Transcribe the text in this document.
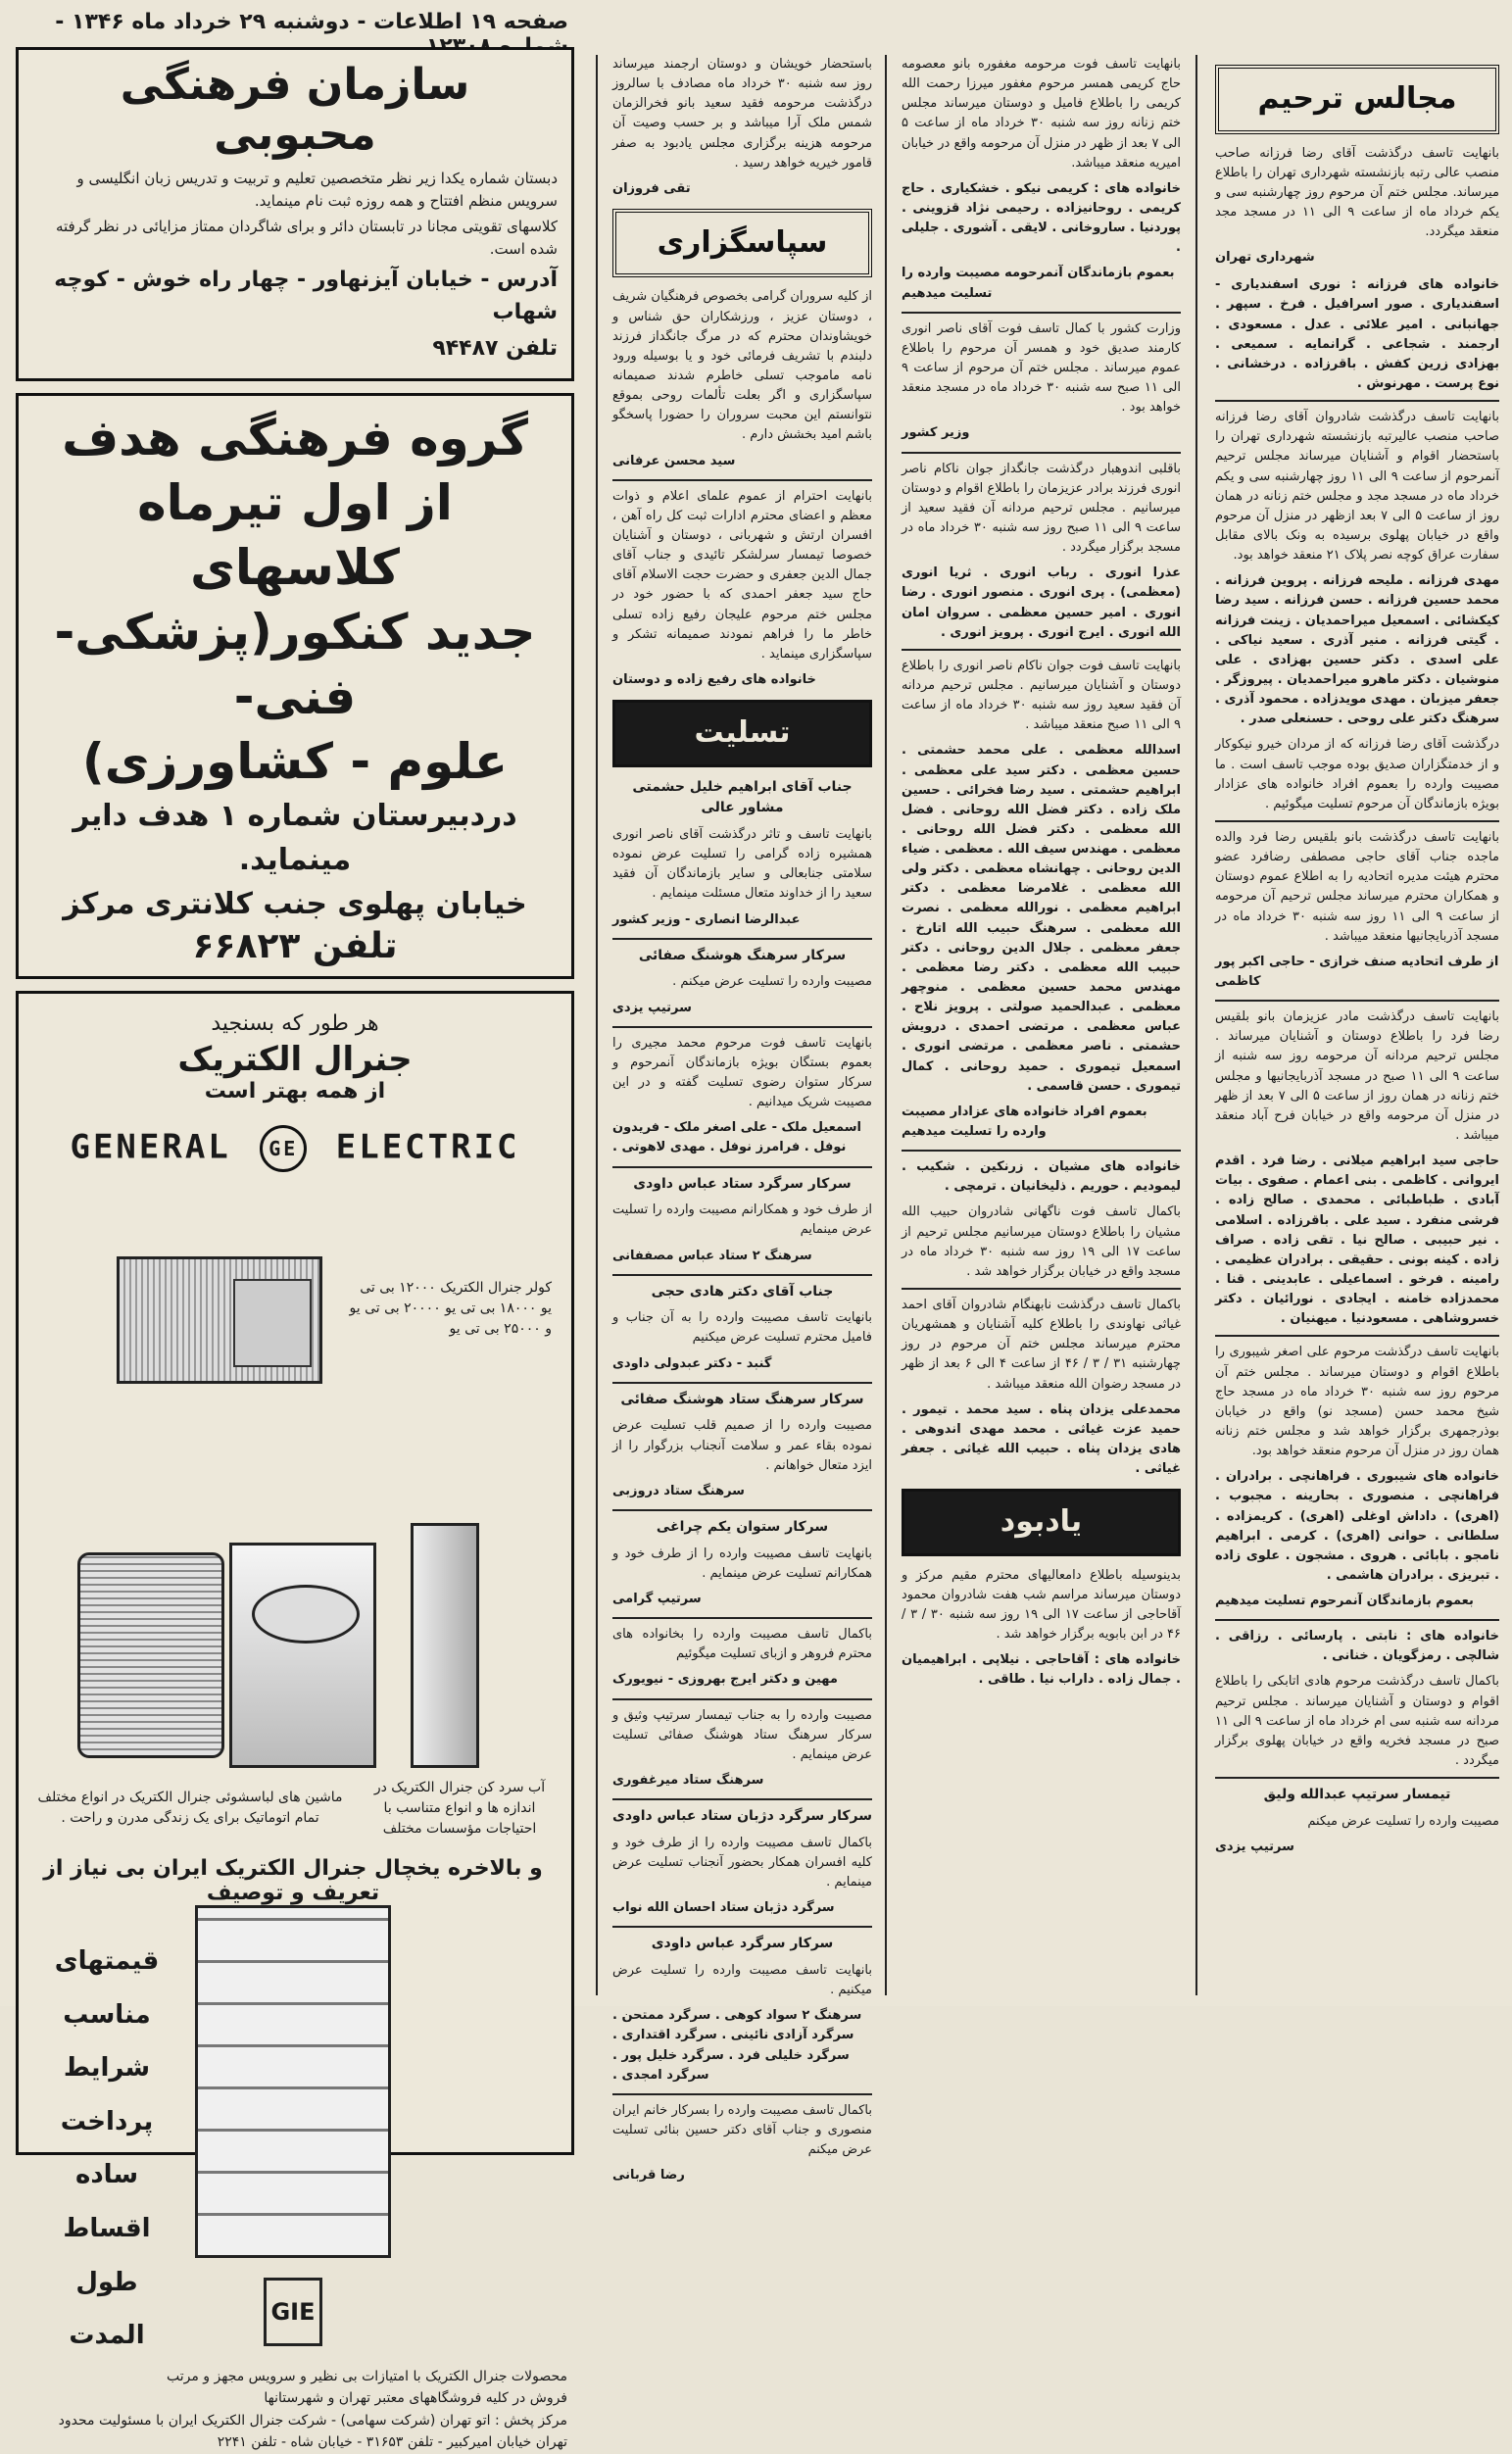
صفحه ۱۹ اطلاعات - دوشنبه ۲۹ خرداد ماه ۱۳۴۶ -
سازمان فرهنگی محبوبی

دبستان شماره یکدا زیر نظر متخصصین تعلیم و تربیت و تدریس زبان انگلیسی و سرویس منظم افتتاح و همه روزه ثبت نام مینماید.

کلاسهای تقویتی مجانا در تابستان دائر و برای شاگردان ممتاز مزایائی در نظر گرفته شده است.

آدرس - خیابان آیزنهاور - چهار راه خوش - کوچه شهاب

تلفن ۹۴۴۸۷

گروه فرهنگی هدف
از اول تیرماه کلاسهای
جدید کنکور(پزشکی-فنی-
علوم - کشاورزی)
دردبیرستان شماره ۱ هدف دایر مینماید.
خیابان پهلوی جنب کلانتری مرکز
تلفن ۶۶۸۲۳
هر طور که بسنجید
جنرال الکتریک
از همه بهتر است
GENERAL GE ELECTRIC
کولر جنرال الکتریک ۱۲۰۰۰ بی تی یو ۱۸۰۰۰ بی تی یو ۲۰۰۰۰ بی تی یو و ۲۵۰۰۰ بی تی یو
ماشین های لباسشوئی جنرال الکتریک در انواع مختلف تمام اتوماتیک برای یک زندگی مدرن و راحت .
آب سرد کن جنرال الکتریک در اندازه ها و انواع متناسب با احتیاجات مؤسسات مختلف
و بالاخره یخچال جنرال الکتریک ایران بی نیاز از تعریف و توصیف
قیمتهای مناسب
شرایط پرداخت
ساده
اقساط طول المدت
GIE
محصولات جنرال الکتریک با امتیازات بی نظیر و سرویس مجهز و مرتب
فروش در کلیه فروشگاههای معتبر تهران و شهرستانها
مرکز پخش : اتو تهران (شرکت سهامی) - شرکت جنرال الکتریک ایران با مسئولیت محدود
تهران خیابان امیرکبیر - تلفن ۳۱۶۵۳ - خیابان شاه - تلفن ۲۲۴۱
مجالس ترحیم

بانهایت تاسف درگذشت آقای رضا فرزانه صاحب منصب عالی رتبه بازنشسته شهرداری تهران را باطلاع میرساند. مجلس ختم آن مرحوم روز چهارشنبه سی و یکم خرداد ماه از ساعت ۹ الی ۱۱ در مسجد مجد منعقد میگردد.

شهرداری تهران

خانواده های فرزانه : نوری اسفندیاری - اسفندیاری . صور اسرافیل . فرخ . سپهر . جهانبانی . امیر علائی . عدل . مسعودی . ارجمند . شجاعی . گرانمایه . سمیعی . بهزادی زرین کفش . باقرزاده . درخشانی . نوع پرست . مهرنوش .

بانهایت تاسف درگذشت شادروان آقای رضا فرزانه صاحب منصب عالیرتبه بازنشسته شهرداری تهران را باستحضار اقوام و آشنایان میرساند مجلس ترحیم آنمرحوم از ساعت ۹ الی ۱۱ روز چهارشنبه سی و یکم خرداد ماه در مسجد مجد و مجلس ختم زنانه در همان روز از ساعت ۵ الی ۷ بعد ازظهر در منزل آن مرحوم واقع در خیابان پهلوی برسیده به ونک بالای مقابل سفارت عراق کوچه نصر پلاک ۲۱ منعقد خواهد بود.

مهدی فرزانه . ملیحه فرزانه . پروین فرزانه . محمد حسین فرزانه . حسن فرزانه . سید رضا کیکشائی . اسمعیل میراحمدیان . زینت فرزانه . گیتی فرزانه . منیر آذری . سعید نیاکی . علی اسدی . دکتر حسین بهزادی . علی منوشیان . دکتر ماهرو میراحمدیان . پیروزگر . جعفر میزبان . مهدی مویدزاده . محمود آذری . سرهنگ دکتر علی روحی . حسنعلی صدر .

درگذشت آقای رضا فرزانه که از مردان خیرو نیکوکار و از خدمتگزاران صدیق بوده موجب تاسف است . ما مصیبت وارده را بعموم افراد خانواده های عزادار بویژه بازماندگان آن مرحوم تسلیت میگوئیم .

بانهایت تاسف درگذشت بانو بلقیس رضا فرد والده ماجده جناب آقای حاجی مصطفی رضافرد عضو محترم هیئت مدیره اتحادیه را به اطلاع عموم دوستان و همکاران محترم میرساند مجلس ترحیم آن مرحومه از ساعت ۹ الی ۱۱ روز سه شنبه ۳۰ خرداد ماه در مسجد آذربایجانیها منعقد میباشد .

از طرف اتحادیه صنف خرازی - حاجی اکبر پور کاظمی

بانهایت تاسف درگذشت مادر عزیزمان بانو بلقیس رضا فرد را باطلاع دوستان و آشنایان میرساند . مجلس ترحیم مردانه آن مرحومه روز سه شنبه از ساعت ۹ الی ۱۱ صبح در مسجد آذربایجانیها و مجلس ختم زنانه در همان روز از ساعت ۵ الی ۷ بعد از ظهر در منزل آن مرحومه واقع در خیابان فرح آباد منعقد میباشد .

حاجی سید ابراهیم میلانی . رضا فرد . اقدم ایروانی . کاظمی . بنی اعمام . صفوی . بیات آبادی . طباطبائی . محمدی . صالح زاده . فرشی منفرد . سید علی . باقرزاده . اسلامی . نیر حبیبی . صالح نیا . تقی زاده . صراف زاده . کینه بونی . حقیقی . برادران عظیمی . رامینه . فرخو . اسماعیلی . عابدینی . قنا . محمدزاده خامنه . ایجادی . نورائیان . دکتر خسروشاهی . مسعودنیا . میهنیان .

بانهایت تاسف درگذشت مرحوم علی اصغر شیبوری را باطلاع اقوام و دوستان میرساند . مجلس ختم آن مرحوم روز سه شنبه ۳۰ خرداد ماه در مسجد حاج شیخ محمد حسن (مسجد نو) واقع در خیابان بوذرجمهری برگزار خواهد شد و مجلس ختم زنانه همان روز در منزل آن مرحوم منعقد خواهد بود.

خانواده های شیبوری . فراهانچی . برادران . فراهانچی . منصوری . بحارینه . مجبوب . (اهری) . داداش اوغلی (اهری) . کریمزاده . سلطانی . حوانی (اهری) . کرمی . ابراهیم نامجو . بابائی . هروی . مشجون . علوی زاده . تبریزی . برادران هاشمی .

بعموم بازماندگان آنمرحوم تسلیت میدهیم

خانواده های : نابتی . پارسائی . رزاقی . شالچی . رمزگویان . خنانی .

باکمال تاسف درگذشت مرحوم هادی اتابکی را باطلاع اقوام و دوستان و آشنایان میرساند . مجلس ترحیم مردانه سه شنبه سی ام خرداد ماه از ساعت ۹ الی ۱۱ صبح در مسجد فخریه واقع در خیابان پهلوی برگزار میگردد .

تیمسار سرتیپ عبدالله ولیق

مصیبت وارده را تسلیت عرض میکنم

سرتیپ یزدی

بانهایت تاسف فوت مرحومه مغفوره بانو معصومه حاج کریمی همسر مرحوم مغفور میرزا رحمت الله کریمی را باطلاع فامیل و دوستان میرساند مجلس ختم زنانه روز سه شنبه ۳۰ خرداد ماه از ساعت ۵ الی ۷ بعد از ظهر در منزل آن مرحومه واقع در خیابان امیریه منعقد میباشد.

خانواده های : کریمی نیکو . خشکیاری . حاج کریمی . روحانیزاده . رحیمی نژاد قزوینی . پوردنیا . ساروخانی . لایقی . آشوری . جلیلی .

بعموم بازماندگان آنمرحومه مصیبت وارده را تسلیت میدهیم

وزارت کشور با کمال تاسف فوت آقای ناصر انوری کارمند صدیق خود و همسر آن مرحوم را باطلاع عموم میرساند . مجلس ختم آن مرحوم از ساعت ۹ الی ۱۱ صبح سه شنبه ۳۰ خرداد ماه در مسجد منعقد خواهد بود .

وزیر کشور

باقلبی اندوهبار درگذشت جانگداز جوان ناکام ناصر انوری فرزند برادر عزیزمان را باطلاع اقوام و دوستان میرسانیم . مجلس ترحیم مردانه آن فقید سعید از ساعت ۹ الی ۱۱ صبح روز سه شنبه ۳۰ خرداد ماه در مسجد برگزار میگردد .

عذرا انوری . رباب انوری . ثریا انوری (معظمی) . پری انوری . منصور انوری . رضا انوری . امیر حسین معظمی . سروان امان الله انوری . ایرج انوری . پرویز انوری .

بانهایت تاسف فوت جوان ناکام ناصر انوری را باطلاع دوستان و آشنایان میرسانیم . مجلس ترحیم مردانه آن فقید سعید روز سه شنبه ۳۰ خرداد ماه از ساعت ۹ الی ۱۱ صبح منعقد میباشد .

اسدالله معظمی . علی محمد حشمتی . حسین معظمی . دکتر سید علی معظمی . ابراهیم حشمتی . سید رضا فخرائی . حسین ملک زاده . دکتر فضل الله روحانی . فضل الله معظمی . دکتر فضل الله روحانی . معظمی . مهندس سیف الله . معظمی . ضیاء الدین روحانی . چهانشاه معظمی . دکتر ولی الله معظمی . غلامرضا معظمی . دکتر ابراهیم معظمی . نورالله معظمی . نصرت الله معظمی . سرهنگ حبیب الله اتارخ . جعفر معظمی . جلال الدین روحانی . دکتر حبیب الله معظمی . دکتر رضا معظمی . مهندس محمد حسین معظمی . منوچهر معظمی . عبدالحمید صولتی . پرویز نلاح . عباس معظمی . مرتضی احمدی . درویش حشمتی . ناصر معظمی . مرتضی انوری . اسمعیل تیموری . حمید روحانی . کمال تیموری . حسن قاسمی .

بعموم افراد خانواده های عزادار مصیبت وارده را تسلیت میدهیم

خانواده های مشیان . زرنکین . شکیب . لیمودیم . حوریم . ذلیخانیان . ترمچی .

باکمال تاسف فوت ناگهانی شادروان حبیب الله مشیان را باطلاع دوستان میرسانیم مجلس ترحیم از ساعت ۱۷ الی ۱۹ روز سه شنبه ۳۰ خرداد ماه در مسجد واقع در خیابان برگزار خواهد شد .

باکمال تاسف درگذشت نابهنگام شادروان آقای احمد غیاثی نهاوندی را باطلاع کلیه آشنایان و همشهریان محترم میرساند مجلس ختم آن مرحوم در روز چهارشنبه ۳۱ / ۳ / ۴۶ از ساعت ۴ الی ۶ بعد از ظهر در مسجد رضوان الله منعقد میباشد .

محمدعلی یزدان پناه . سید محمد . تیمور . حمید عزت غیاثی . محمد مهدی اندوهی . هادی یزدان پناه . حبیب الله غیاثی . جعفر غیاثی .

یادبود

بدینوسیله باطلاع دامعالیهای محترم مقیم مرکز و دوستان میرساند مراسم شب هفت شادروان محمود آقاحاجی از ساعت ۱۷ الی ۱۹ روز سه شنبه ۳۰ / ۳ / ۴۶ در ابن بابویه برگزار خواهد شد .

خانواده های : آقاحاجی . نیلاپی . ابراهیمیان . جمال زاده . داراب نیا . طاقی .

باستحضار خویشان و دوستان ارجمند میرساند روز سه شنبه ۳۰ خرداد ماه مصادف با سالروز درگذشت مرحومه فقید سعید بانو فخرالزمان شمس ملک آرا میباشد و بر حسب وصیت آن مرحومه هزینه برگزاری مجلس یادبود به صفر قامور خیریه خواهد رسید .

تقی فروزان

سپاسگزاری

از کلیه سروران گرامی بخصوص فرهنگیان شریف ، دوستان عزیز ، ورزشکاران حق شناس و خویشاوندان محترم که در مرگ جانگداز فرزند دلبندم با تشریف فرمائی خود و یا بوسیله ورود نامه ماموجب تسلی خاطرم شدند صمیمانه سپاسگزاری و اگر بعلت تألمات روحی بموقع نتوانستم این محبت سروران را حضورا پاسخگو باشم امید بخشش دارم .

سید محسن عرفانی

بانهایت احترام از عموم علمای اعلام و ذوات معظم و اعضای محترم ادارات ثبت کل راه آهن ، افسران ارتش و شهربانی ، دوستان و آشنایان خصوصا تیمسار سرلشکر تائیدی و جناب آقای جمال الدین جعفری و حضرت حجت الاسلام آقای حاج سید جعفر احمدی که با حضور خود در مجلس ختم مرحوم علیجان رفیع زاده تسلی خاطر ما را فراهم نمودند صمیمانه تشکر و سپاسگزاری مینماید .

خانواده های رفیع زاده و دوستان

تسلیت

جناب آقای ابراهیم خلیل حشمتی مشاور عالی

بانهایت تاسف و تاثر درگذشت آقای ناصر انوری همشیره زاده گرامی را تسلیت عرض نموده سلامتی جنابعالی و سایر بازماندگان آن فقید سعید را از خداوند متعال مسئلت مینمایم .

عبدالرضا انصاری - وزیر کشور

سرکار سرهنگ هوشنگ صفائی

مصیبت وارده را تسلیت عرض میکنم .

سرتیپ یزدی

بانهایت تاسف فوت مرحوم محمد مجیری را بعموم بستگان بویژه بازماندگان آنمرحوم و سرکار ستوان رضوی تسلیت گفته و در این مصیبت شریک میدانیم .

اسمعیل ملک - علی اصغر ملک - فریدون نوفل . فرامرز نوفل . مهدی لاهوتی .

سرکار سرگرد ستاد عباس داودی

از طرف خود و همکارانم مصیبت وارده را تسلیت عرض مینمایم

سرهنگ ۲ ستاد عباس مصففانی

جناب آقای دکتر هادی حجی

بانهایت تاسف مصیبت وارده را به آن جناب و فامیل محترم تسلیت عرض میکنیم

گنبد - دکتر عبدولی داودی

سرکار سرهنگ ستاد هوشنگ صفائی

مصیبت وارده را از صمیم قلب تسلیت عرض نموده بقاء عمر و سلامت آنجناب بزرگوار را از ایزد متعال خواهانم .

سرهنگ ستاد دروزبی

سرکار ستوان یکم چراغی

بانهایت تاسف مصیبت وارده را از طرف خود و همکارانم تسلیت عرض مینمایم .

سرتیپ گرامی

باکمال تاسف مصیبت وارده را بخانواده های محترم فروهر و ازبای تسلیت میگوئیم

مهین و دکتر ایرج بهروزی - نیویورک

مصیبت وارده را به جناب تیمسار سرتیپ وثیق و سرکار سرهنگ ستاد هوشنگ صفائی تسلیت عرض مینمایم .

سرهنگ ستاد میرغفوری

سرکار سرگرد دژبان ستاد عباس داودی

باکمال تاسف مصیبت وارده را از طرف خود و کلیه افسران همکار بحضور آنجناب تسلیت عرض مینمایم .

سرگرد دژبان ستاد احسان الله نواب

سرکار سرگرد عباس داودی

بانهایت تاسف مصیبت وارده را تسلیت عرض میکنیم .

سرهنگ ۲ سواد کوهی . سرگرد ممتحن . سرگرد آزادی نائینی . سرگرد اقتداری . سرگرد خلیلی فرد . سرگرد خلیل پور . سرگرد امجدی .

باکمال تاسف مصیبت وارده را بسرکار خانم ایران منصوری و جناب آقای دکتر حسین بنائی تسلیت عرض میکنم

رضا قربانی
